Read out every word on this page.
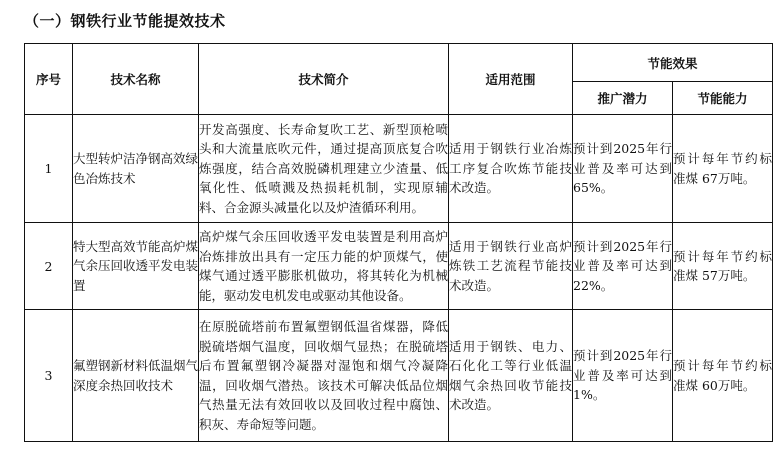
（一）钢铁行业节能提效技术
序号	技术名称	技术简介	适用范围	节能效果	
				推广潜力	节能能力
1	大型转炉洁净钢高效绿色冶炼技术	开发高强度、长寿命复吹工艺、新型顶枪喷头和大流量底吹元件，通过提高顶底复合吹炼强度，结合高效脱磷机理建立少渣量、低氧化性、低喷溅及热损耗机制，实现原辅料、合金源头减量化以及炉渣循环利用。	适用于钢铁行业冶炼工序复合吹炼节能技术改造。	预计到2025年行业普及率可达到65%。	预计每年节约标准煤 67万吨。
2	特大型高效节能高炉煤气余压回收透平发电装置	高炉煤气余压回收透平发电装置是利用高炉冶炼排放出具有一定压力能的炉顶煤气，使煤气通过透平膨胀机做功，将其转化为机械能，驱动发电机发电或驱动其他设备。	适用于钢铁行业高炉炼铁工艺流程节能技术改造。	预计到2025年行业普及率可达到22%。	预计每年节约标准煤 57万吨。
3	氟塑钢新材料低温烟气深度余热回收技术	在原脱硫塔前布置氟塑钢低温省煤器，降低脱硫塔烟气温度，回收烟气显热；在脱硫塔后布置氟塑钢冷凝器对湿饱和烟气冷凝降温，回收烟气潜热。该技术可解决低品位烟气热量无法有效回收以及回收过程中腐蚀、积灰、寿命短等问题。	适用于钢铁、电力、石化化工等行业低温烟气余热回收节能技术改造。	预计到2025年行业普及率可达到1%。	预计每年节约标准煤 60万吨。
